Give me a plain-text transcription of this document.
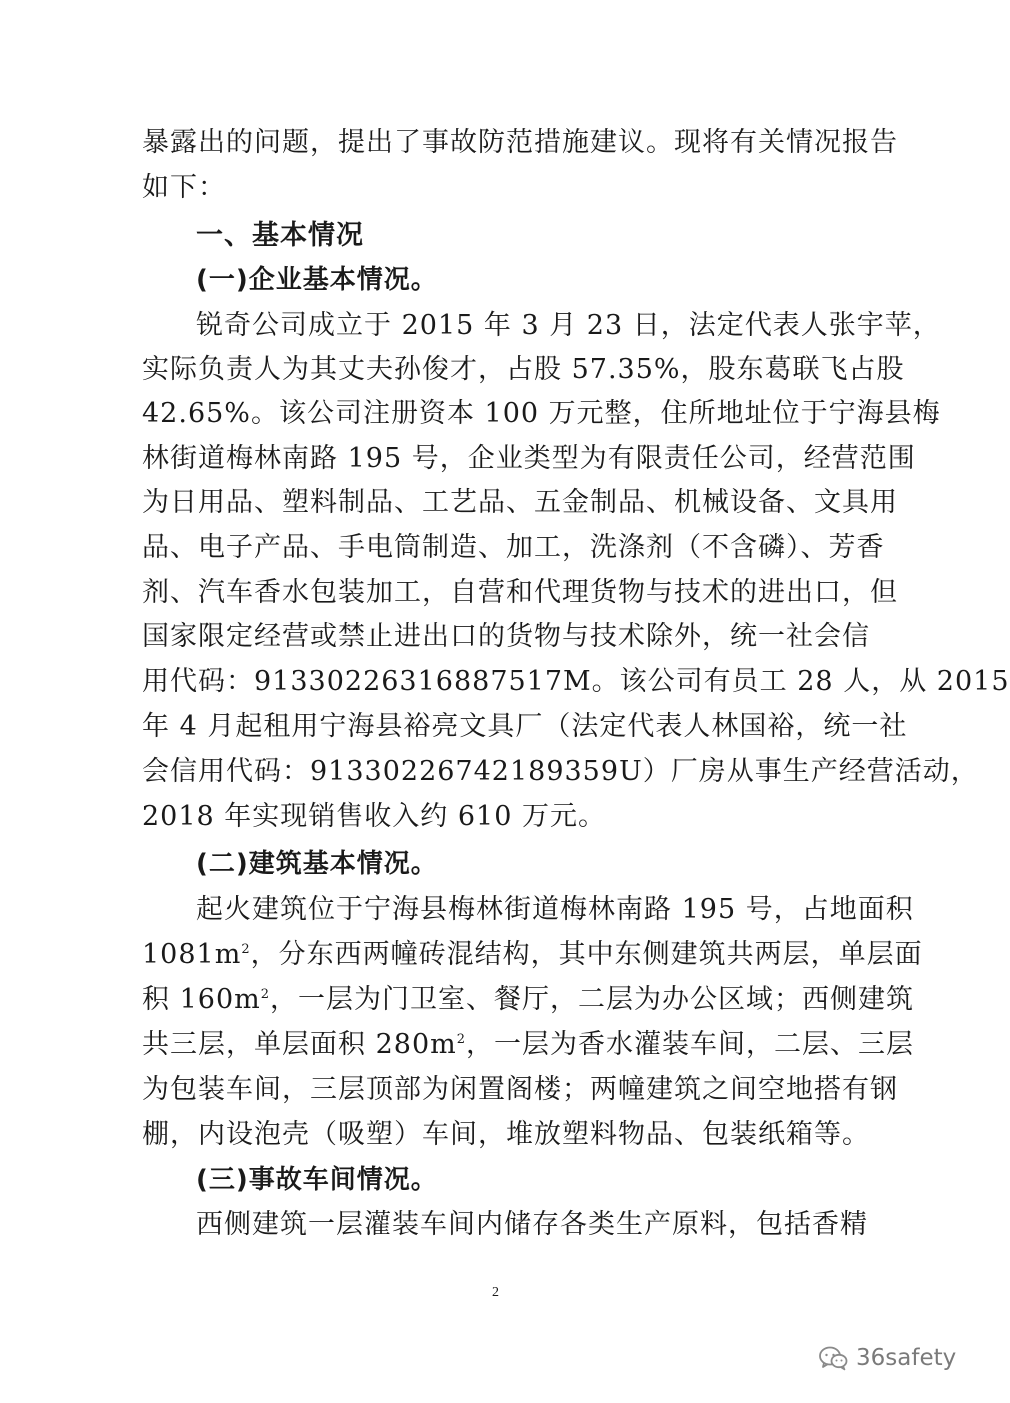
暴露出的问题，提出了事故防范措施建议。现将有关情况报告
如下：
一、基本情况
(一)企业基本情况。
锐奇公司成立于 2015 年 3 月 23 日，法定代表人张宇苹，
实际负责人为其丈夫孙俊才，占股 57.35%，股东葛联飞占股
42.65%。该公司注册资本 100 万元整，住所地址位于宁海县梅
林街道梅林南路 195 号，企业类型为有限责任公司，经营范围
为日用品、塑料制品、工艺品、五金制品、机械设备、文具用
品、电子产品、手电筒制造、加工，洗涤剂（不含磷）、芳香
剂、汽车香水包装加工，自营和代理货物与技术的进出口，但
国家限定经营或禁止进出口的货物与技术除外，统一社会信
用代码：91330226316887517M。该公司有员工 28 人，从 2015
年 4 月起租用宁海县裕亮文具厂（法定代表人林国裕，统一社
会信用代码：91330226742189359U）厂房从事生产经营活动，
2018 年实现销售收入约 610 万元。
(二)建筑基本情况。
起火建筑位于宁海县梅林街道梅林南路 195 号，占地面积
$1081m^2$，分东西两幢砖混结构，其中东侧建筑共两层，单层面
积 $160m^2$，一层为门卫室、餐厅，二层为办公区域；西侧建筑
共三层，单层面积 $280m^2$，一层为香水灌装车间，二层、三层
为包装车间，三层顶部为闲置阁楼；两幢建筑之间空地搭有钢
棚，内设泡壳（吸塑）车间，堆放塑料物品、包装纸箱等。
(三)事故车间情况。
西侧建筑一层灌装车间内储存各类生产原料，包括香精
2
36safety
